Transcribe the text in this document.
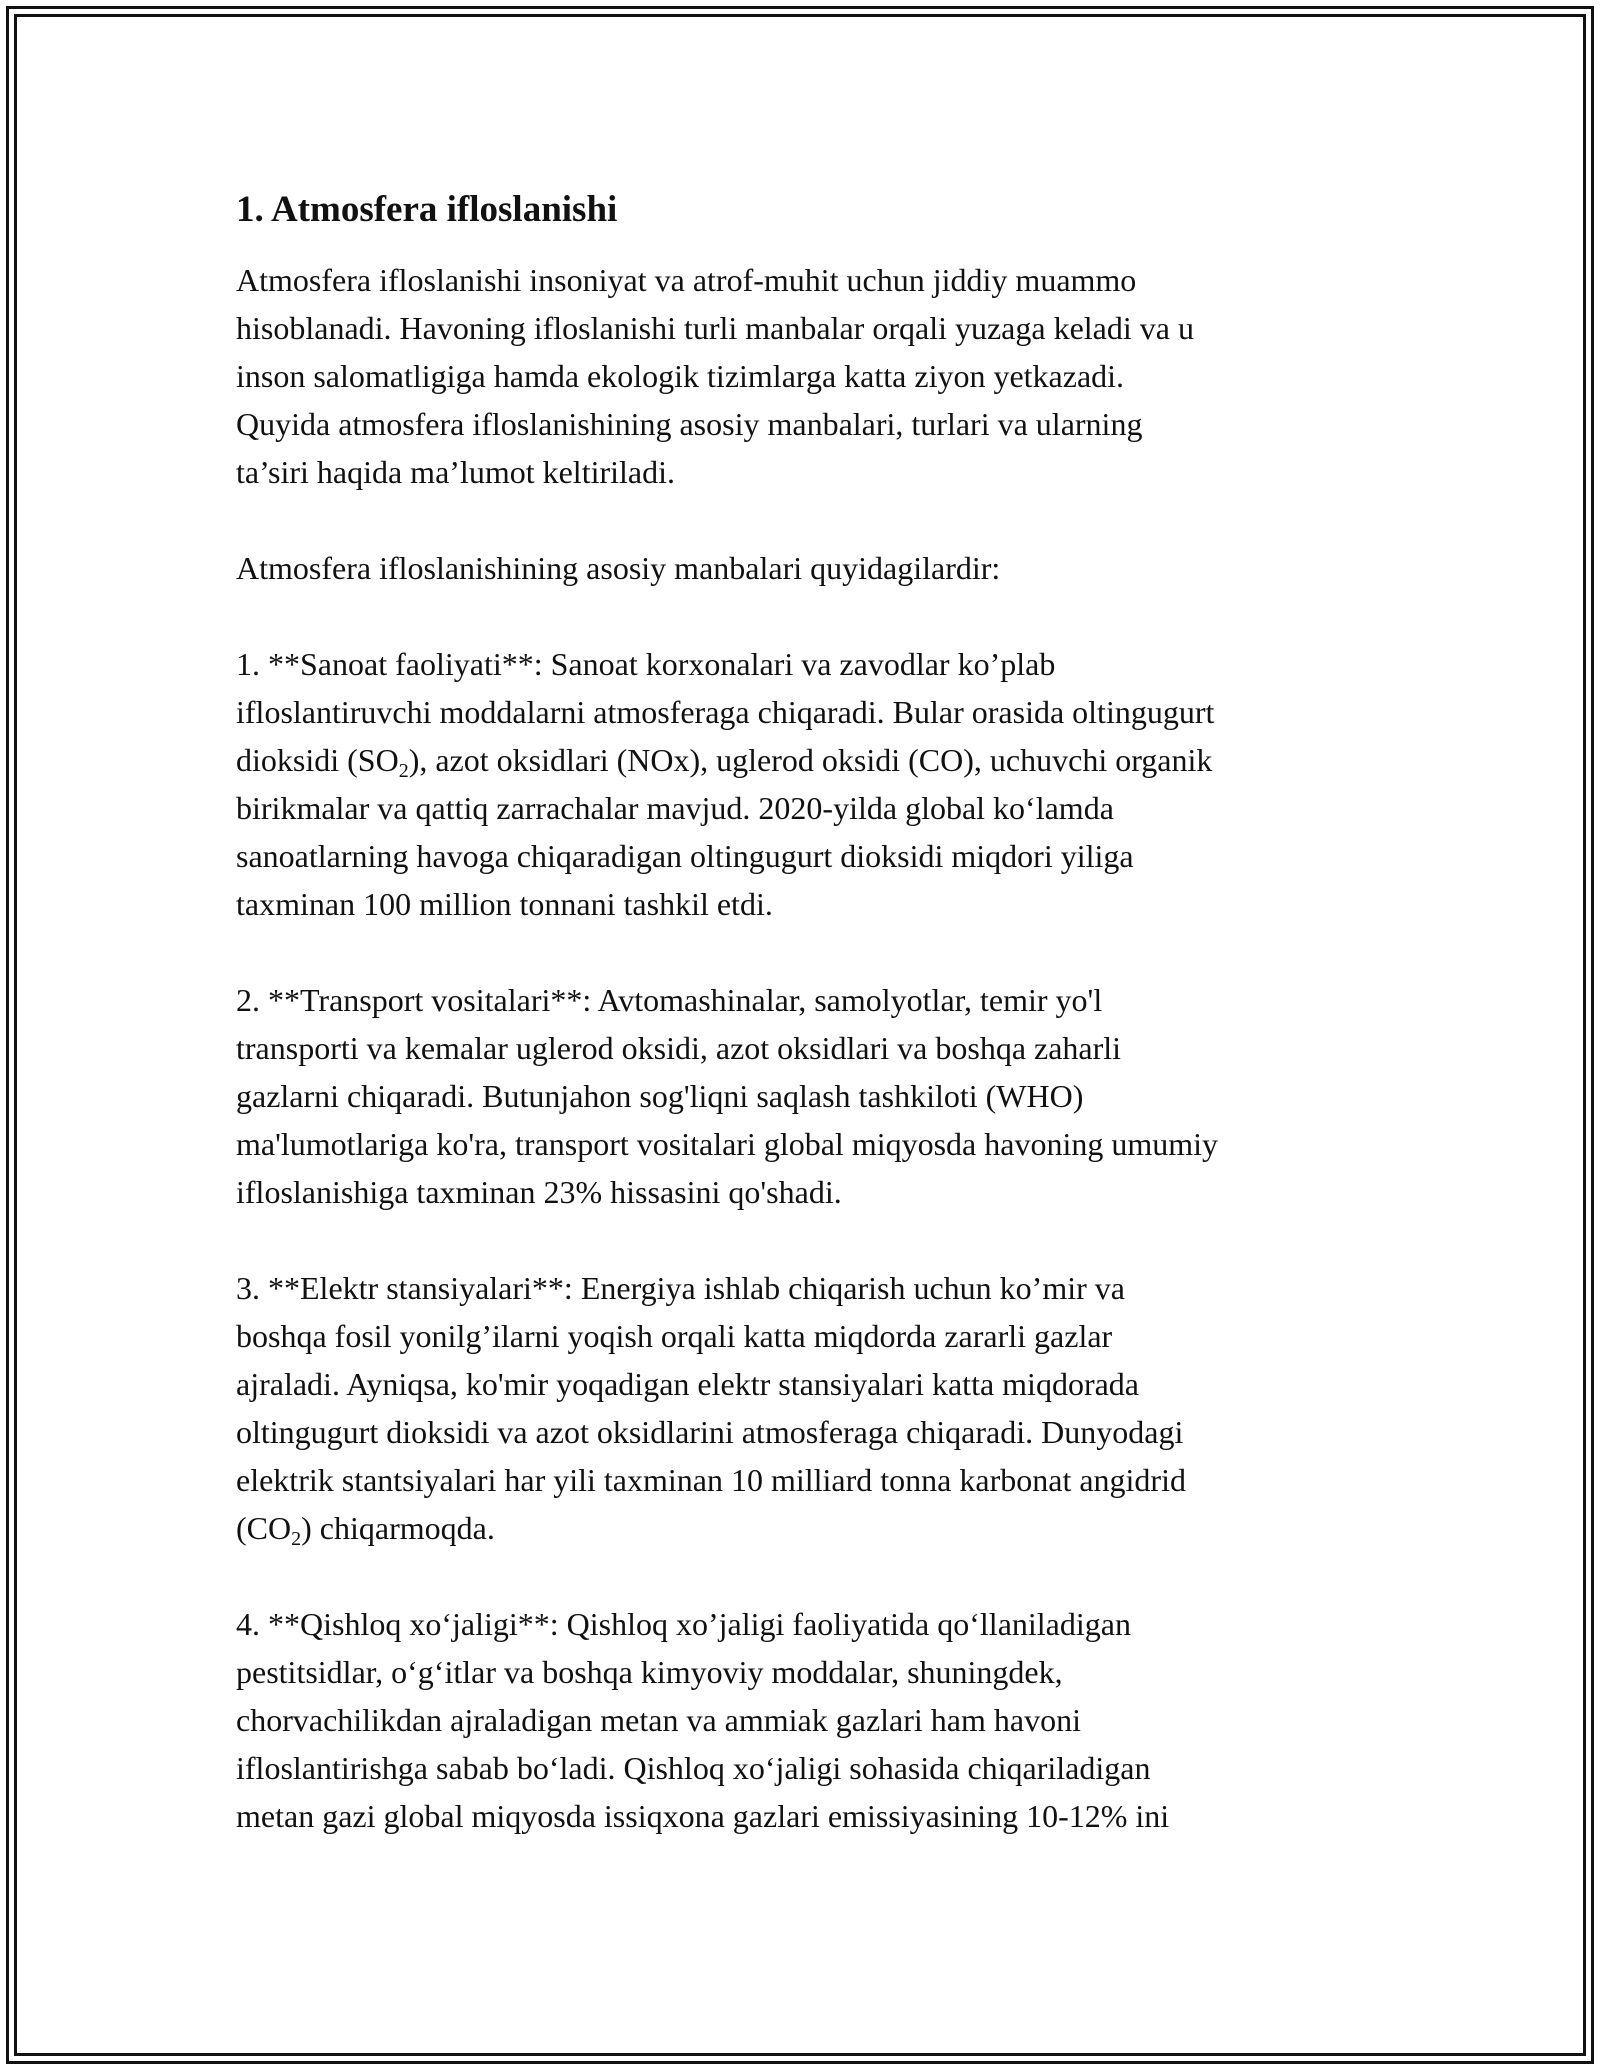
1. Atmosfera ifloslanishi

Atmosfera ifloslanishi insoniyat va atrof-muhit uchun jiddiy muammo
hisoblanadi. Havoning ifloslanishi turli manbalar orqali yuzaga keladi va u
inson salomatligiga hamda ekologik tizimlarga katta ziyon yetkazadi.
Quyida atmosfera ifloslanishining asosiy manbalari, turlari va ularning
ta’siri haqida ma’lumot keltiriladi.

Atmosfera ifloslanishining asosiy manbalari quyidagilardir:

1. **Sanoat faoliyati**: Sanoat korxonalari va zavodlar ko’plab
ifloslantiruvchi moddalarni atmosferaga chiqaradi. Bular orasida oltingugurt
dioksidi $(SO_2)$, azot oksidlari (NOx), uglerod oksidi (CO), uchuvchi organik
birikmalar va qattiq zarrachalar mavjud. 2020-yilda global ko‘lamda
sanoatlarning havoga chiqaradigan oltingugurt dioksidi miqdori yiliga
taxminan 100 million tonnani tashkil etdi.

2. **Transport vositalari**: Avtomashinalar, samolyotlar, temir yo'l
transporti va kemalar uglerod oksidi, azot oksidlari va boshqa zaharli
gazlarni chiqaradi. Butunjahon sog'liqni saqlash tashkiloti (WHO)
ma'lumotlariga ko'ra, transport vositalari global miqyosda havoning umumiy
ifloslanishiga taxminan 23% hissasini qo'shadi.

3. **Elektr stansiyalari**: Energiya ishlab chiqarish uchun ko’mir va
boshqa fosil yonilg’ilarni yoqish orqali katta miqdorda zararli gazlar
ajraladi. Ayniqsa, ko'mir yoqadigan elektr stansiyalari katta miqdorada
oltingugurt dioksidi va azot oksidlarini atmosferaga chiqaradi. Dunyodagi
elektrik stantsiyalari har yili taxminan 10 milliard tonna karbonat angidrid
$(CO_2)$ chiqarmoqda.

4. **Qishloq xo‘jaligi**: Qishloq xo’jaligi faoliyatida qo‘llaniladigan
pestitsidlar, o‘g‘itlar va boshqa kimyoviy moddalar, shuningdek,
chorvachilikdan ajraladigan metan va ammiak gazlari ham havoni
ifloslantirishga sabab bo‘ladi. Qishloq xo‘jaligi sohasida chiqariladigan
metan gazi global miqyosda issiqxona gazlari emissiyasining 10-12% ini
